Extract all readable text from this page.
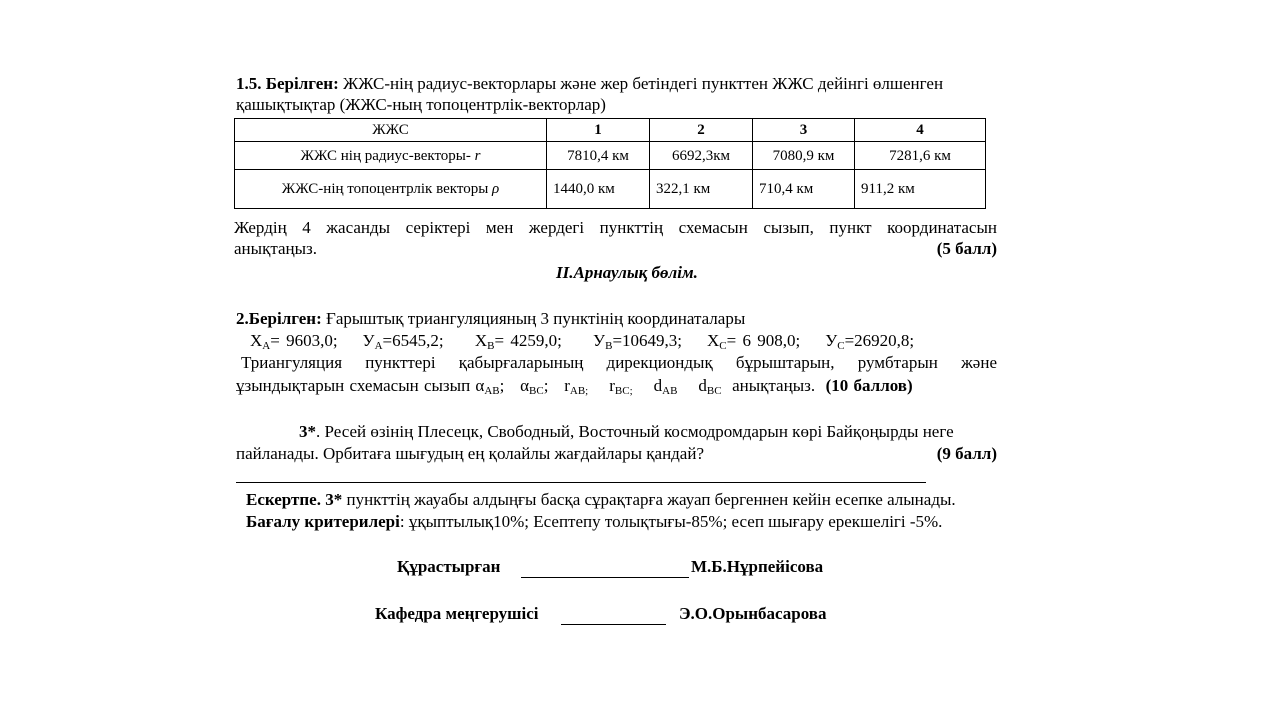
1.5. Берілген: ЖЖС-нің радиус-векторлары және жер бетіндегі пункттен ЖЖС дейінгі өлшенген
қашықтықтар (ЖЖС-ның топоцентрлік-векторлар)
ЖЖС	1	2	3	4
ЖЖС нің радиус-векторы- r	7810,4 км	6692,3км	7080,9 км	7281,6 км
ЖЖС-нің топоцентрлік векторы ρ	1440,0 км	322,1 км	710,4 км	911,2 км
Жердің 4 жасанды серіктері мен жердегі пункттің схемасын сызып, пункт координатасын
анықтаңыз.	(5 балл)
ІІ.Арнаулық бөлім.
2.Берілген: Ғарыштық триангуляцияның 3 пунктінің координаталары
$X_A= 9603,0$; $У_A=6545,2$; $X_B= 4259,0$; $У_B=10649,3$; $X_C= 6$ 908,0; $У_C=26920,8$;
Триангуляция пункттері қабырғаларының дирекциондық бұрыштарын, румбтарын және
ұзындықтарын схемасын сызып $\alpha_{AB}$; $\alpha_{BC}$; $r_{AB;}$ $r_{BC;}$ $d_{AB}$ $d_{BC}$ анықтаңыз. (10 баллов)
3*. Ресей өзінің Плесецк, Свободный, Восточный космодромдарын көрі Байқоңырды неге
пайланады. Орбитаға шығудың ең қолайлы жағдайлары қандай?	(9 балл)
Ескертпе. 3* пункттің жауабы алдыңғы басқа сұрақтарға жауап бергеннен кейін есепке алынады.
Бағалу критерилері: ұқыптылық10%; Есептепу толықтығы-85%; есеп шығару ерекшелігі -5%.
Құрастырған	М.Б.Нұрпейісова
Кафедра меңгерушісі	Э.О.Орынбасарова
